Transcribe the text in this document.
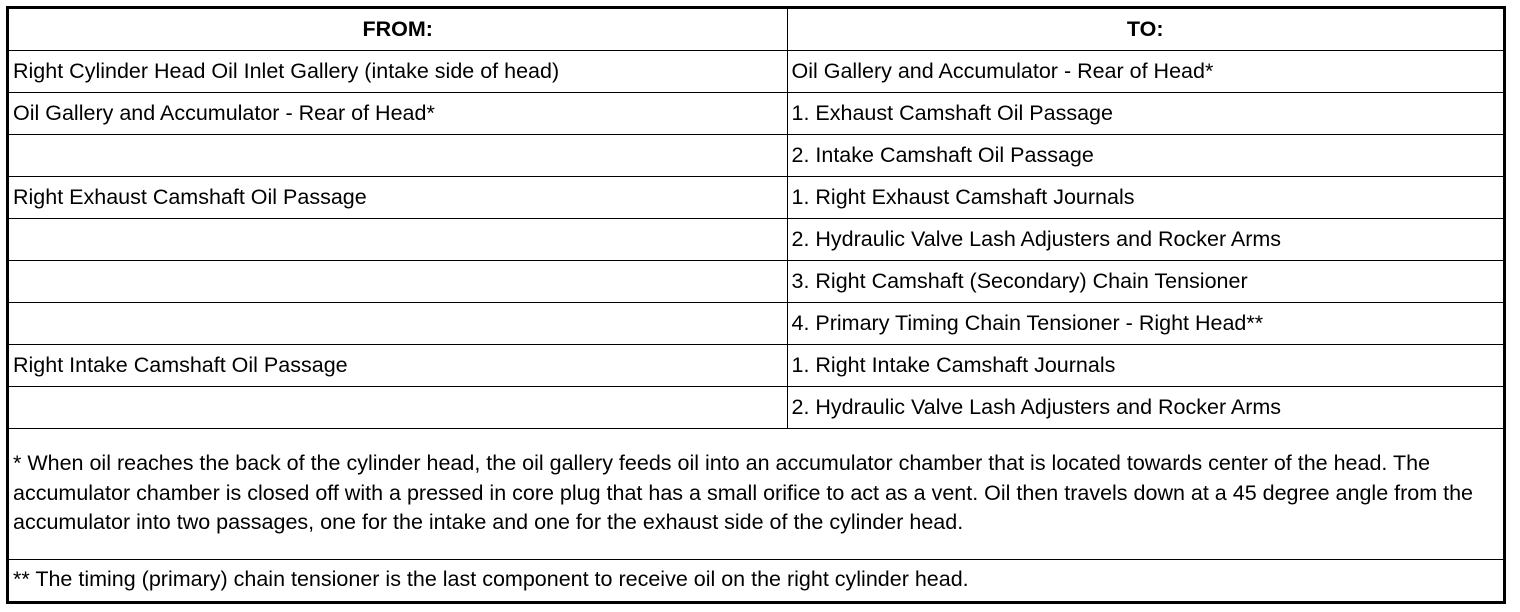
FROM:	TO:
Right Cylinder Head Oil Inlet Gallery (intake side of head)	Oil Gallery and Accumulator - Rear of Head*
Oil Gallery and Accumulator - Rear of Head*	1. Exhaust Camshaft Oil Passage
	2. Intake Camshaft Oil Passage
Right Exhaust Camshaft Oil Passage	1. Right Exhaust Camshaft Journals
	2. Hydraulic Valve Lash Adjusters and Rocker Arms
	3. Right Camshaft (Secondary) Chain Tensioner
	4. Primary Timing Chain Tensioner - Right Head**
Right Intake Camshaft Oil Passage	1. Right Intake Camshaft Journals
	2. Hydraulic Valve Lash Adjusters and Rocker Arms
* When oil reaches the back of the cylinder head, the oil gallery feeds oil into an accumulator chamber that is located towards center of the head. The accumulator chamber is closed off with a pressed in core plug that has a small orifice to act as a vent. Oil then travels down at a 45 degree angle from the accumulator into two passages, one for the intake and one for the exhaust side of the cylinder head.	
** The timing (primary) chain tensioner is the last component to receive oil on the right cylinder head.	
